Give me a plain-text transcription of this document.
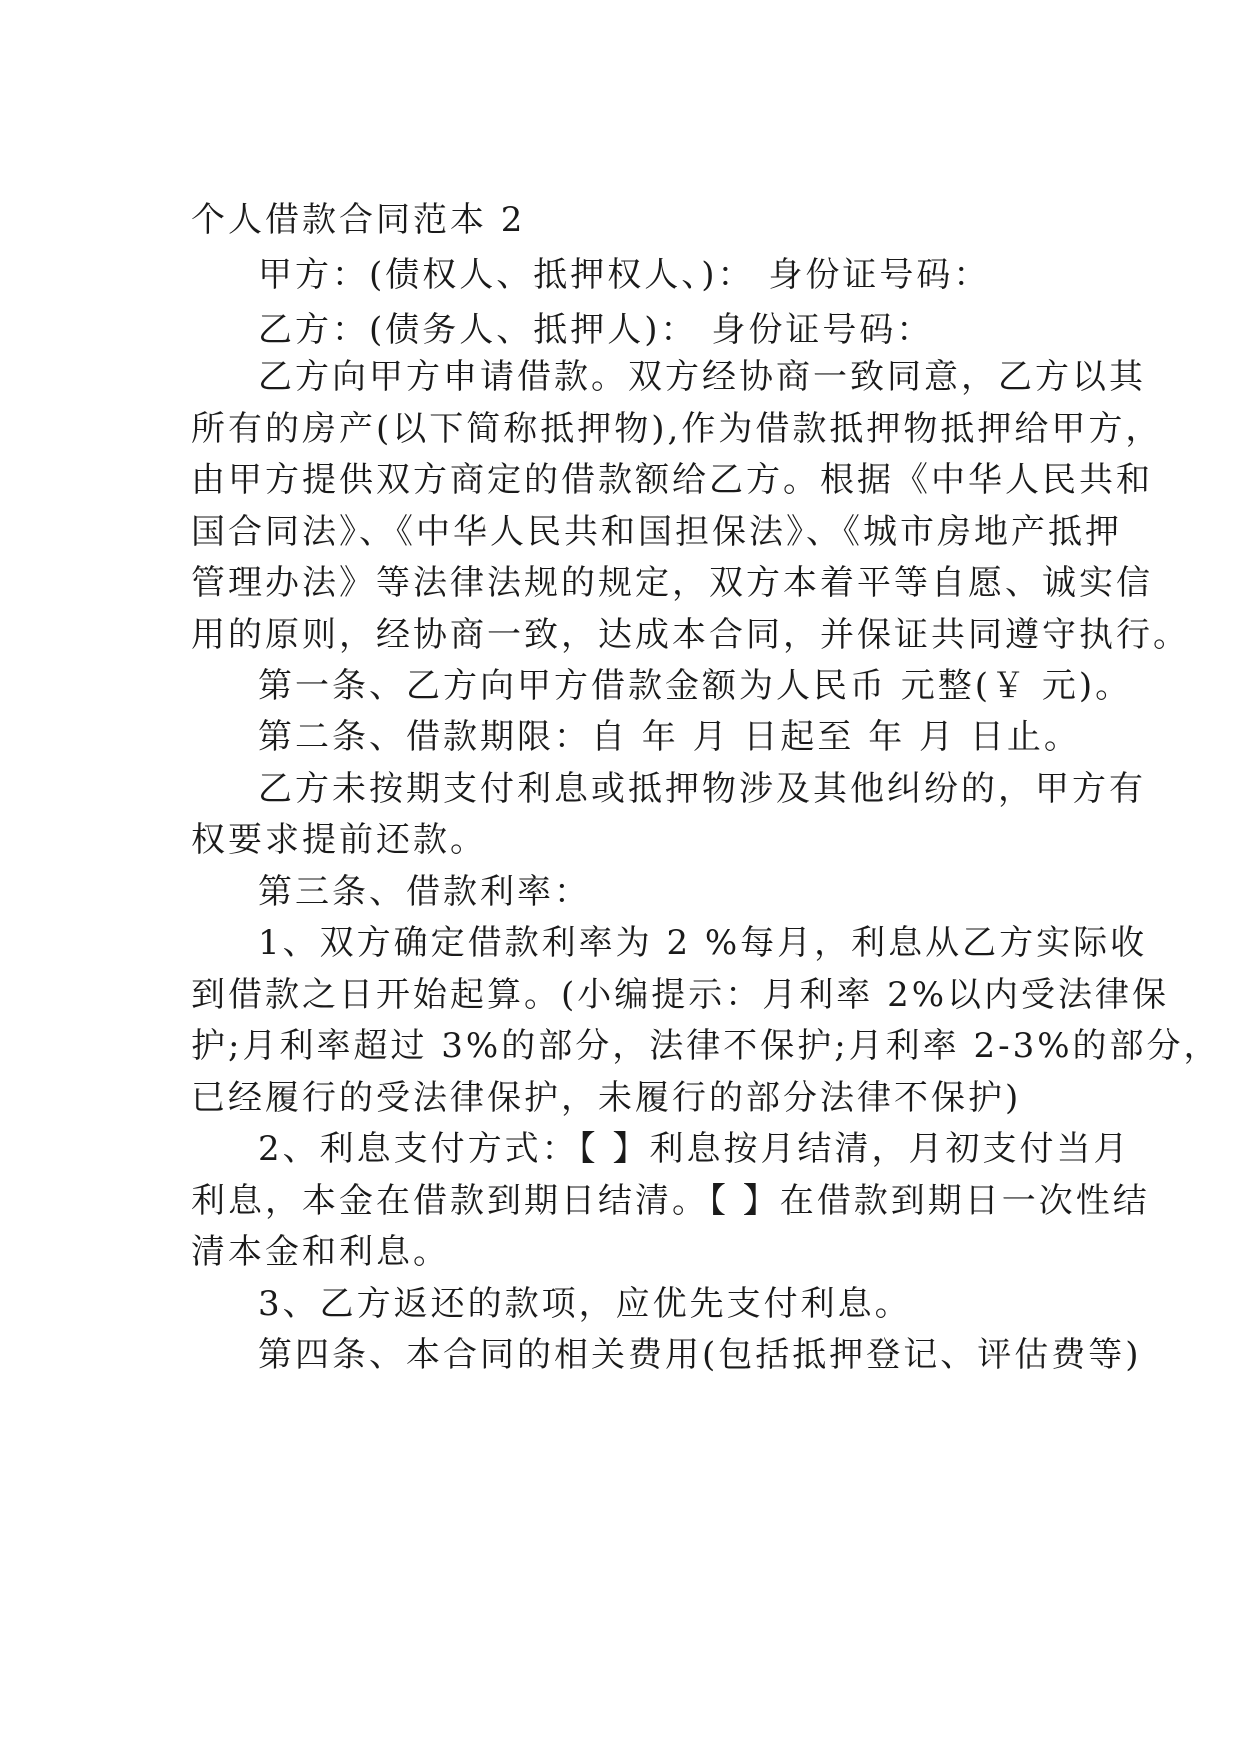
个人借款合同范本 2
甲方：(债权人、抵押权人、)： 身份证号码：
乙方：(债务人、抵押人)： 身份证号码：
乙方向甲方申请借款。双方经协商一致同意，乙方以其
所有的房产(以下简称抵押物),作为借款抵押物抵押给甲方，
由甲方提供双方商定的借款额给乙方。根据《中华人民共和
国合同法》、《中华人民共和国担保法》、《城市房地产抵押
管理办法》等法律法规的规定，双方本着平等自愿、诚实信
用的原则，经协商一致，达成本合同，并保证共同遵守执行。
第一条、乙方向甲方借款金额为人民币 元整(￥ 元)。
第二条、借款期限：自 年 月 日起至 年 月 日止。
乙方未按期支付利息或抵押物涉及其他纠纷的，甲方有
权要求提前还款。
第三条、借款利率：
1、双方确定借款利率为 2 %每月，利息从乙方实际收
到借款之日开始起算。(小编提示：月利率 2%以内受法律保
护;月利率超过 3%的部分，法律不保护;月利率 2-3%的部分，
已经履行的受法律保护，未履行的部分法律不保护)
2、利息支付方式：【 】利息按月结清，月初支付当月
利息，本金在借款到期日结清。【 】在借款到期日一次性结
清本金和利息。
3、乙方返还的款项，应优先支付利息。
第四条、本合同的相关费用(包括抵押登记、评估费等)
